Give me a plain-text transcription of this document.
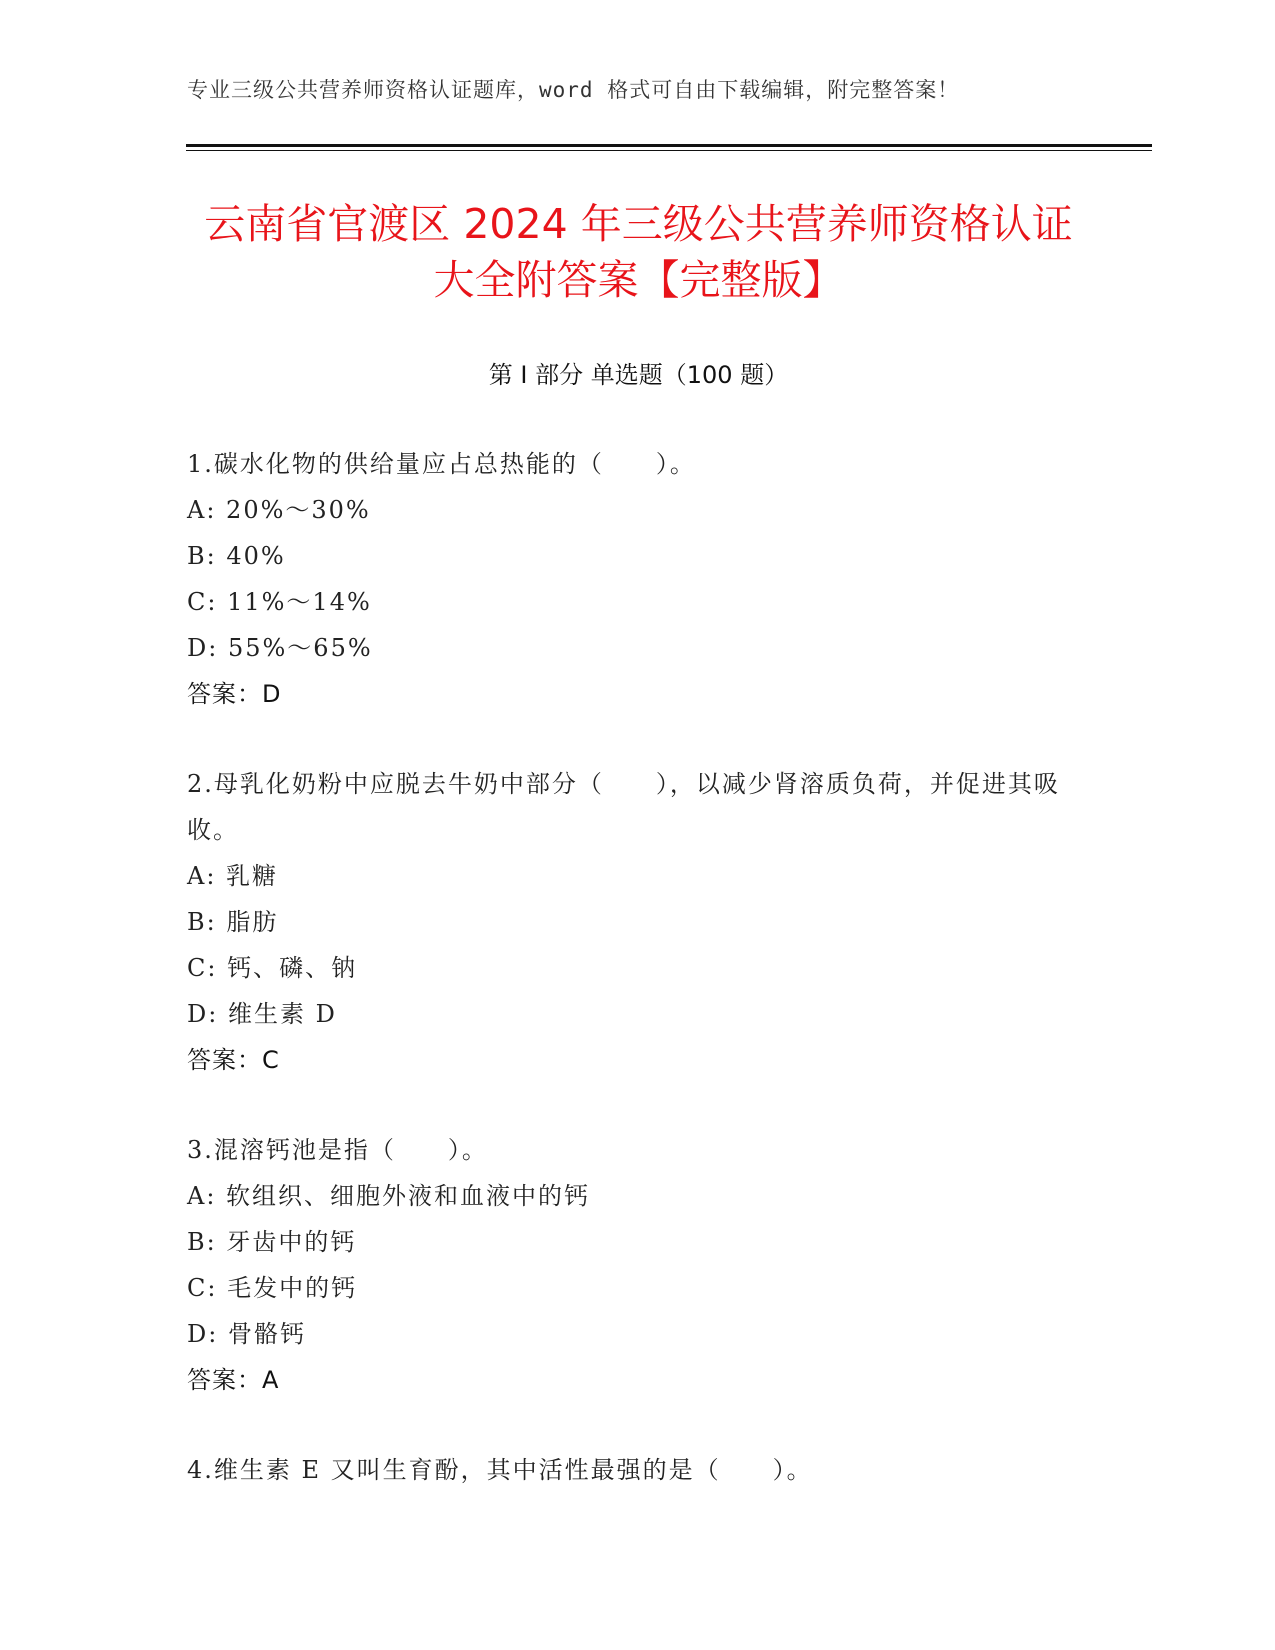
专业三级公共营养师资格认证题库，word 格式可自由下载编辑，附完整答案！
云南省官渡区 2024 年三级公共营养师资格认证大全附答案【完整版】
第 I 部分 单选题（100 题）
1.碳水化物的供给量应占总热能的（　　）。
A: 20%～30%
B: 40%
C: 11%～14%
D: 55%～65%
答案：D
2.母乳化奶粉中应脱去牛奶中部分（　　），以减少肾溶质负荷，并促进其吸收。
A: 乳糖
B: 脂肪
C: 钙、磷、钠
D: 维生素 D
答案：C
3.混溶钙池是指（　　）。
A: 软组织、细胞外液和血液中的钙
B: 牙齿中的钙
C: 毛发中的钙
D: 骨骼钙
答案：A
4.维生素 E 又叫生育酚，其中活性最强的是（　　）。
